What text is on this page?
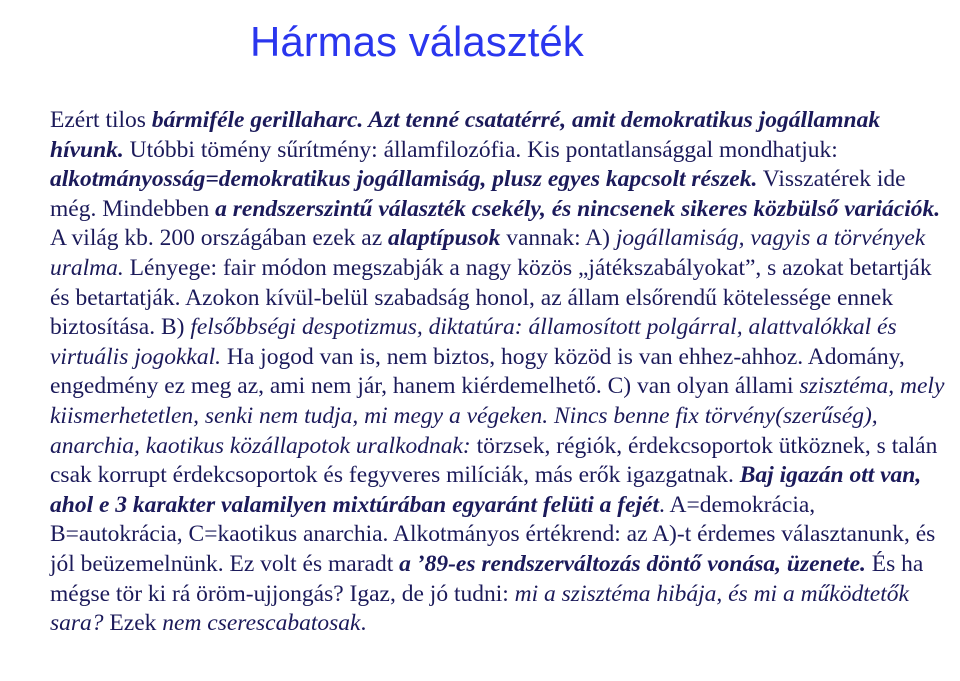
Hármas választék

Ezért tilos bármiféle gerillaharc. Azt tenné csatatérré, amit demokratikus jogállamnak hívunk. Utóbbi tömény sűrítmény: államfilozófia. Kis pontatlansággal mondhatjuk: alkotmányosság=demokratikus jogállamiság, plusz egyes kapcsolt részek. Visszatérek ide még. Mindebben a rendszerszintű választék csekély, és nincsenek sikeres közbülső variációk. A világ kb. 200 országában ezek az alaptípusok vannak: A) jogállamiság, vagyis a törvények uralma. Lényege: fair módon megszabják a nagy közös „játékszabályokat”, s azokat betartják és betartatják. Azokon kívül-belül szabadság honol, az állam elsőrendű kötelessége ennek biztosítása. B) felsőbbségi despotizmus, diktatúra: államosított polgárral, alattvalókkal és virtuális jogokkal. Ha jogod van is, nem biztos, hogy közöd is van ehhez-ahhoz. Adomány, engedmény ez meg az, ami nem jár, hanem kiérdemelhető. C) van olyan állami szisztéma, mely kiismerhetetlen, senki nem tudja, mi megy a végeken. Nincs benne fix törvény(szerűség), anarchia, kaotikus közállapotok uralkodnak: törzsek, régiók, érdekcsoportok ütköznek, s talán csak korrupt érdekcsoportok és fegyveres milíciák, más erők igazgatnak. Baj igazán ott van, ahol e 3 karakter valamilyen mixtúrában egyaránt felüti a fejét. A=demokrácia, B=autokrácia, C=kaotikus anarchia. Alkotmányos értékrend: az A)-t érdemes választanunk, és jól beüzemelnünk. Ez volt és maradt a ’89-es rendszerváltozás döntő vonása, üzenete. És ha mégse tör ki rá öröm-ujjongás? Igaz, de jó tudni: mi a szisztéma hibája, és mi a működtetők sara? Ezek nem cserescabatosak.
